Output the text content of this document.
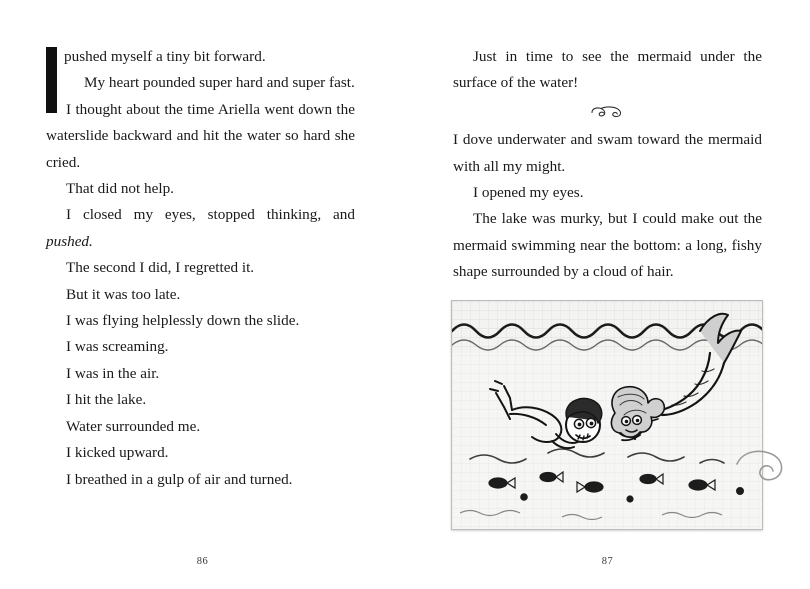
pushed myself a tiny bit forward.

My heart pounded super hard and super fast.

I thought about the time Ariella went down the waterslide backward and hit the water so hard she cried.

That did not help.

I closed my eyes, stopped thinking, and pushed.

The second I did, I regretted it.

But it was too late.

I was flying helplessly down the slide.

I was screaming.

I was in the air.

I hit the lake.

Water surrounded me.

I kicked upward.

I breathed in a gulp of air and turned.

86

Just in time to see the mermaid under the surface of the water!

I dove underwater and swam toward the mermaid with all my might.

I opened my eyes.

The lake was murky, but I could make out the mermaid swimming near the bottom: a long, fishy shape surrounded by a cloud of hair.

87
